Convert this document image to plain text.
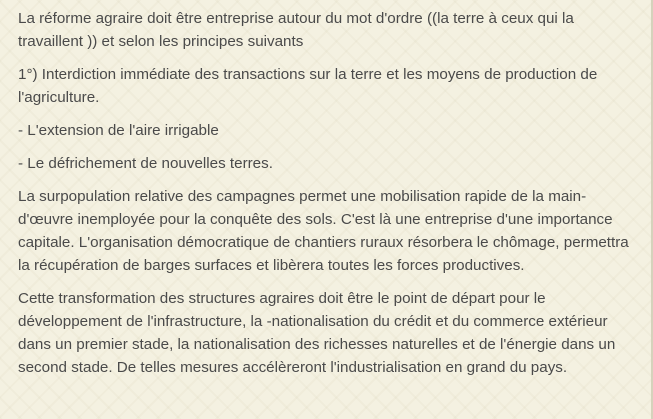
La réforme agraire doit être entreprise autour du mot d'ordre ((la terre à ceux qui la travaillent )) et selon les principes suivants

1°) Interdiction immédiate des transactions sur la terre et les moyens de production de l'agriculture.

- L'extension de l'aire irrigable

- Le défrichement de nouvelles terres.

La surpopulation relative des campagnes permet une mobilisation rapide de la main-d'œuvre inemployée pour la conquête des sols. C'est là une entreprise d'une importance capitale. L'organisation démocratique de chantiers ruraux résorbera le chômage, permettra la récupération de barges surfaces et libèrera toutes les forces productives.

Cette transformation des structures agraires doit être le point de départ pour le développement de l'infrastructure, la -nationalisation du crédit et du commerce extérieur dans un premier stade, la nationalisation des richesses naturelles et de l'énergie dans un second stade. De telles mesures accélèreront l'industrialisation en grand du pays.
